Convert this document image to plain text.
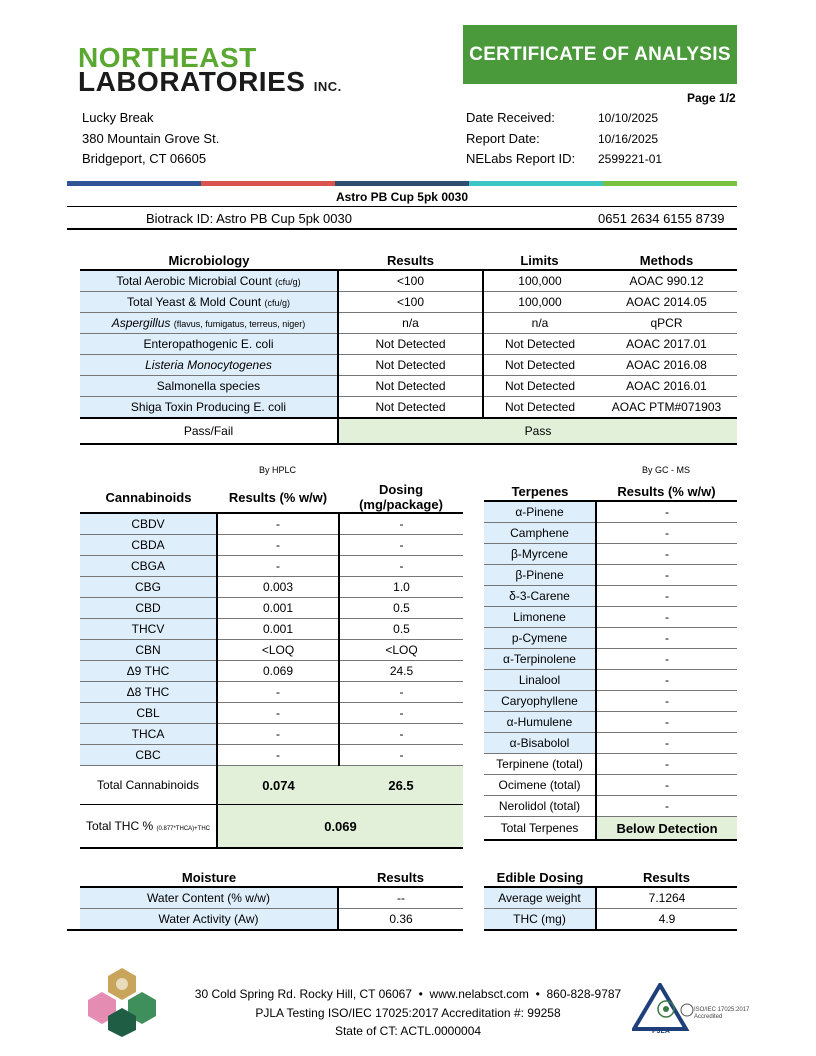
NORTHEAST
LABORATORIES INC.
CERTIFICATE OF ANALYSIS
Page 1/2
Lucky Break
380 Mountain Grove St.
Bridgeport, CT 06605
Date Received:	10/10/2025
Report Date:	10/16/2025
NELabs Report ID: 2599221-01
Astro PB Cup 5pk 0030
Biotrack ID: Astro PB Cup 5pk 0030	0651 2634 6155 8739
Microbiology	Results	Limits	Methods
Total Aerobic Microbial Count (cfu/g)	<100	100,000	AOAC 990.12
Total Yeast & Mold Count (cfu/g)	<100	100,000	AOAC 2014.05
Aspergillus (flavus, fumigatus, terreus, niger)	n/a	n/a	qPCR
Enteropathogenic E. coli	Not Detected	Not Detected	AOAC 2017.01
Listeria Monocytogenes	Not Detected	Not Detected	AOAC 2016.08
Salmonella species	Not Detected	Not Detected	AOAC 2016.01
Shiga Toxin Producing E. coli	Not Detected	Not Detected	AOAC PTM#071903
Pass/Fail	Pass		
By HPLC	By GC - MS
Cannabinoids	Results (% w/w)	Dosing (mg/package)
CBDV	-	-
CBDA	-	-
CBGA	-	-
CBG	0.003	1.0
CBD	0.001	0.5
THCV	0.001	0.5
CBN	<LOQ	<LOQ
Δ9 THC	0.069	24.5
Δ8 THC	-	-
CBL	-	-
THCA	-	-
CBC	-	-
Total Cannabinoids	0.074	26.5
Total THC % (0.877*THCA)+THC	0.069	
Terpenes	Results (% w/w)
α-Pinene	-
Camphene	-
β-Myrcene	-
β-Pinene	-
δ-3-Carene	-
Limonene	-
p-Cymene	-
α-Terpinolene	-
Linalool	-
Caryophyllene	-
α-Humulene	-
α-Bisabolol	-
Terpinene (total)	-
Ocimene (total)	-
Nerolidol (total)	-
Total Terpenes	Below Detection
Moisture	Results
Water Content (% w/w)	--
Water Activity (Aw)	0.36
Edible Dosing	Results
Average weight	7.1264
THC (mg)	4.9
30 Cold Spring Rd. Rocky Hill, CT 06067  •  www.nelabsct.com  •  860-828-9787
PJLA Testing ISO/IEC 17025:2017 Accreditation #: 99258
State of CT: ACTL.0000004	PJLA
ISO/IEC 17025:2017 Accredited
